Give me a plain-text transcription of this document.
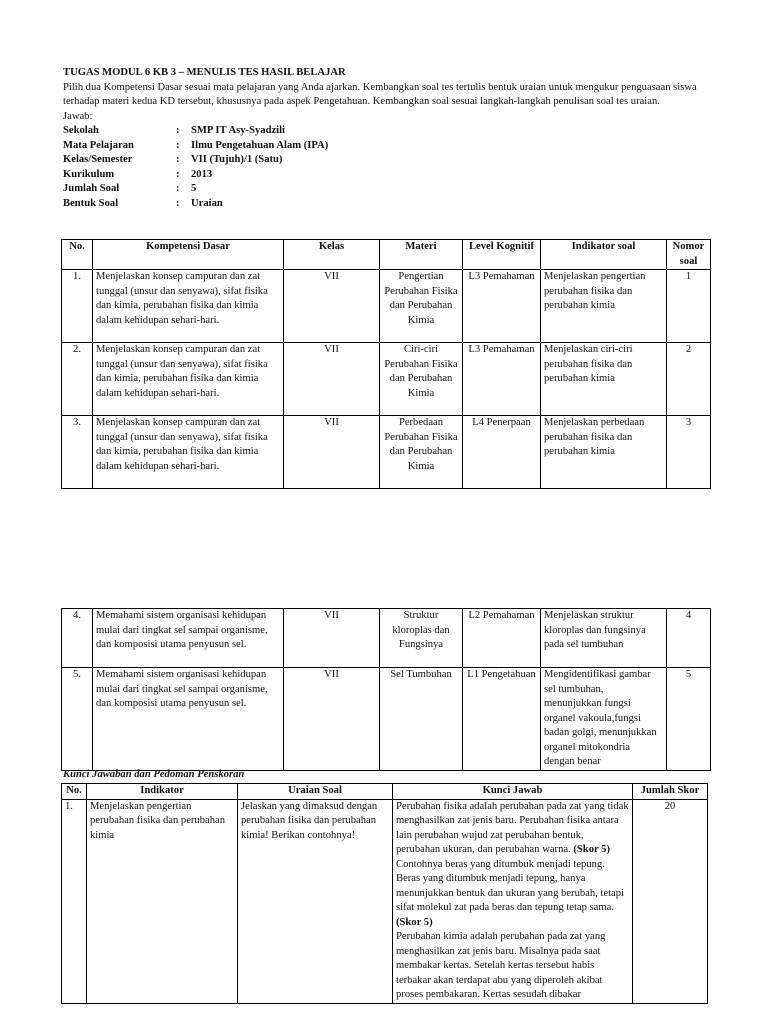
TUGAS MODUL 6 KB 3 – MENULIS TES HASIL BELAJAR

Pilih dua Kompetensi Dasar sesuai mata pelajaran yang Anda ajarkan. Kembangkan soal tes tertulis bentuk uraian untuk mengukur penguasaan siswa terhadap materi kedua KD tersebut, khususnya pada aspek Pengetahuan. Kembangkan soal sesuai langkah-langkah penulisan soal tes uraian.

Jawab:
Sekolah	:	SMP IT Asy-Syadzili
Mata Pelajaran	:	Ilmu Pengetahuan Alam (IPA)
Kelas/Semester	:	VII (Tujuh)/1 (Satu)
Kurikulum	:	2013
Jumlah Soal	:	5
Bentuk Soal	:	Uraian
No.	Kompetensi Dasar	Kelas	Materi	Level Kognitif	Indikator soal	Nomor soal
1.	Menjelaskan konsep campuran dan zat tunggal (unsur dan senyawa), sifat fisika dan kimia, perubahan fisika dan kimia dalam kehidupan sehari-hari.	VII	Pengertian Perubahan Fisika dan Perubahan Kimia	L3 Pemahaman	Menjelaskan pengertian perubahan fisika dan perubahan kimia	1
2.	Menjelaskan konsep campuran dan zat tunggal (unsur dan senyawa), sifat fisika dan kimia, perubahan fisika dan kimia dalam kehidupan sehari-hari.	VII	Ciri-ciri Perubahan Fisika dan Perubahan Kimia	L3 Pemahaman	Menjelaskan ciri-ciri perubahan fisika dan perubahan kimia	2
3.	Menjelaskan konsep campuran dan zat tunggal (unsur dan senyawa), sifat fisika dan kimia, perubahan fisika dan kimia dalam kehidupan sehari-hari.	VII	Perbedaan Perubahan Fisika dan Perubahan Kimia	L4 Penerpaan	Menjelaskan perbedaan perubahan fisika dan perubahan kimia	3
4.	Memahami sistem organisasi kehidupan mulai dari tingkat sel sampai organisme, dan komposisi utama penyusun sel.	VII	Struktur kloroplas dan Fungsinya	L2 Pemahaman	Menjelaskan struktur kloroplas dan fungsinya pada sel tumbuhan	4
5.	Memahami sistem organisasi kehidupan mulai dari tingkat sel sampai organisme, dan komposisi utama penyusun sel.	VII	Sel Tumbuhan	L1 Pengetahuan	Mengidentifikasi gambar sel tumbuhan, menunjukkan fungsi organel vakoula,fungsi badan golgi, menunjukkan organel mitokondria dengan benar	5
Kunci Jawaban dan Pedoman Penskoran
No.	Indikator	Uraian Soal	Kunci Jawab	Jumlah Skor
1.	Menjelaskan pengertian perubahan fisika dan perubahan kimia	Jelaskan yang dimaksud dengan perubahan fisika dan perubahan kimia! Berikan contohnya!	Perubahan fisika adalah perubahan pada zat yang tidak menghasilkan zat jenis baru. Perubahan fisika antara lain perubahan wujud zat perubahan bentuk, perubahan ukuran, dan perubahan warna. (Skor 5)
Contohnya beras yang ditumbuk menjadi tepung. Beras yang ditumbuk menjadi tepung, hanya menunjukkan bentuk dan ukuran yang berubah, tetapi sifat molekul zat pada beras dan tepung tetap sama. (Skor 5)
Perubahan kimia adalah perubahan pada zat yang menghasilkan zat jenis baru. Misalnya pada saat membakar kertas. Setelah kertas tersebut habis terbakar akan terdapat abu yang diperoleh akibat proses pembakaran. Kertas sesudah dibakar	20
